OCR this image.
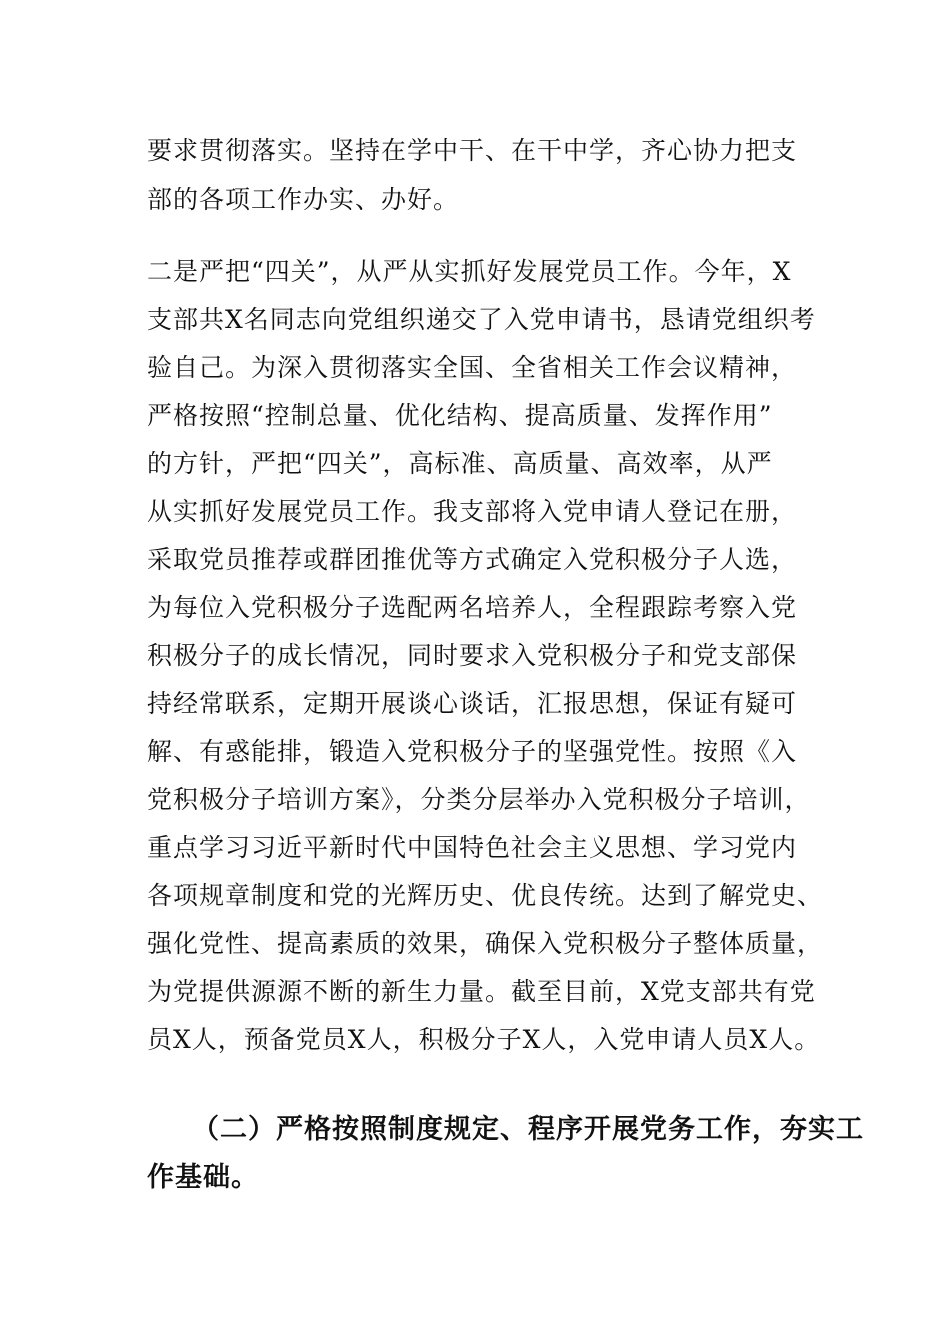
要求贯彻落实。坚持在学中干、在干中学，齐心协力把支
部的各项工作办实、办好。
二是严把“四关”，从严从实抓好发展党员工作。今年，X
支部共X名同志向党组织递交了入党申请书，恳请党组织考
验自己。为深入贯彻落实全国、全省相关工作会议精神，
严格按照“控制总量、优化结构、提高质量、发挥作用”
的方针，严把“四关”，高标准、高质量、高效率，从严
从实抓好发展党员工作。我支部将入党申请人登记在册，
采取党员推荐或群团推优等方式确定入党积极分子人选，
为每位入党积极分子选配两名培养人，全程跟踪考察入党
积极分子的成长情况，同时要求入党积极分子和党支部保
持经常联系，定期开展谈心谈话，汇报思想，保证有疑可
解、有惑能排，锻造入党积极分子的坚强党性。按照《入
党积极分子培训方案》，分类分层举办入党积极分子培训，
重点学习习近平新时代中国特色社会主义思想、学习党内
各项规章制度和党的光辉历史、优良传统。达到了解党史、
强化党性、提高素质的效果，确保入党积极分子整体质量，
为党提供源源不断的新生力量。截至目前，X党支部共有党
员X人，预备党员X人，积极分子X人，入党申请人员X人。
（二）严格按照制度规定、程序开展党务工作，夯实工
作基础。
